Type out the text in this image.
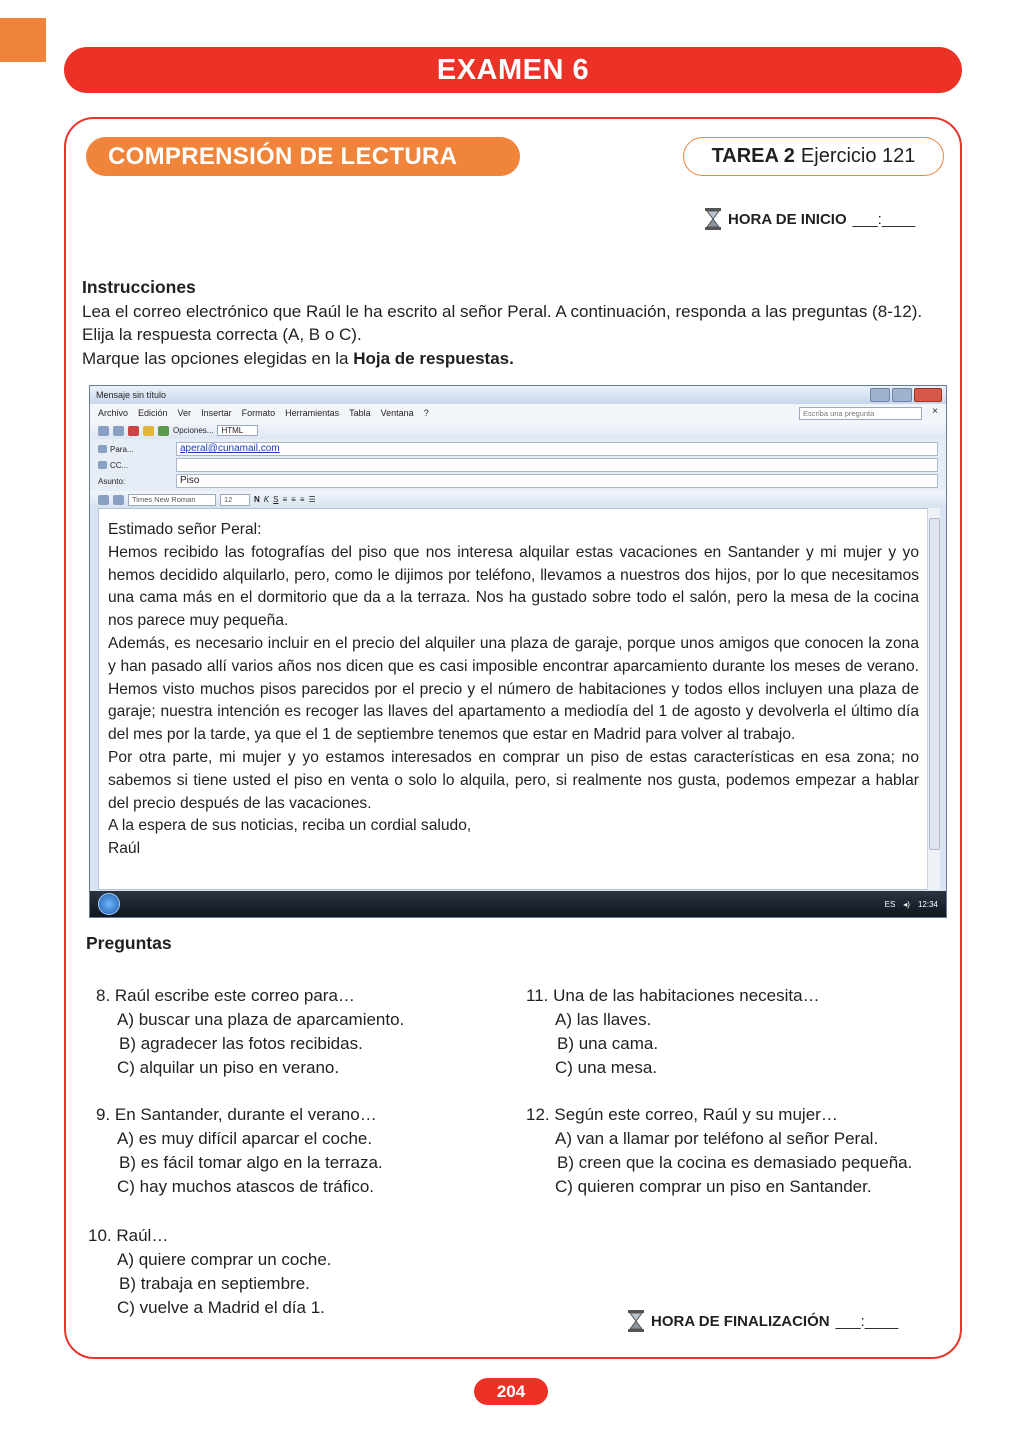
EXAMEN 6
COMPRENSIÓN DE LECTURA	TAREA 2 Ejercicio 121
HORA DE INICIO ___:____
Instrucciones
Lea el correo electrónico que Raúl le ha escrito al señor Peral. A continuación, responda a las preguntas (8-12). Elija la respuesta correcta (A, B o C).
Marque las opciones elegidas en la Hoja de respuestas.
Mensaje sin título
Archivo Edición Ver Insertar Formato Herramientas Tabla Ventana ?	Escriba una pregunta	×
Opciones...	HTML
Para...	aperal@cunamail.com
CC...
Asunto:	Piso
Times New Roman	12	N K S ≡ ≡ ≡ ☰

Estimado señor Peral:

Hemos recibido las fotografías del piso que nos interesa alquilar estas vacaciones en Santander y mi mujer y yo hemos decidido alquilarlo, pero, como le dijimos por teléfono, llevamos a nuestros dos hijos, por lo que necesitamos una cama más en el dormitorio que da a la terraza. Nos ha gustado sobre todo el salón, pero la mesa de la cocina nos parece muy pequeña.

Además, es necesario incluir en el precio del alquiler una plaza de garaje, porque unos amigos que conocen la zona y han pasado allí varios años nos dicen que es casi imposible encontrar aparcamiento durante los meses de verano. Hemos visto muchos pisos parecidos por el precio y el número de habitaciones y todos ellos incluyen una plaza de garaje; nuestra intención es recoger las llaves del apartamento a mediodía del 1 de agosto y devolverla el último día del mes por la tarde, ya que el 1 de septiembre tenemos que estar en Madrid para volver al trabajo.

Por otra parte, mi mujer y yo estamos interesados en comprar un piso de estas características en esa zona; no sabemos si tiene usted el piso en venta o solo lo alquila, pero, si realmente nos gusta, podemos empezar a hablar del precio después de las vacaciones.

A la espera de sus noticias, reciba un cordial saludo,

Raúl

ES ◂) 12:34
Preguntas
8. Raúl escribe este correo para…
A) buscar una plaza de aparcamiento.
B) agradecer las fotos recibidas.
C) alquilar un piso en verano.
9. En Santander, durante el verano…
A) es muy difícil aparcar el coche.
B) es fácil tomar algo en la terraza.
C) hay muchos atascos de tráfico.
10. Raúl…
A) quiere comprar un coche.
B) trabaja en septiembre.
C) vuelve a Madrid el día 1.
11. Una de las habitaciones necesita…
A) las llaves.
B) una cama.
C) una mesa.
12. Según este correo, Raúl y su mujer…
A) van a llamar por teléfono al señor Peral.
B) creen que la cocina es demasiado pequeña.
C) quieren comprar un piso en Santander.
HORA DE FINALIZACIÓN ___:____
204
